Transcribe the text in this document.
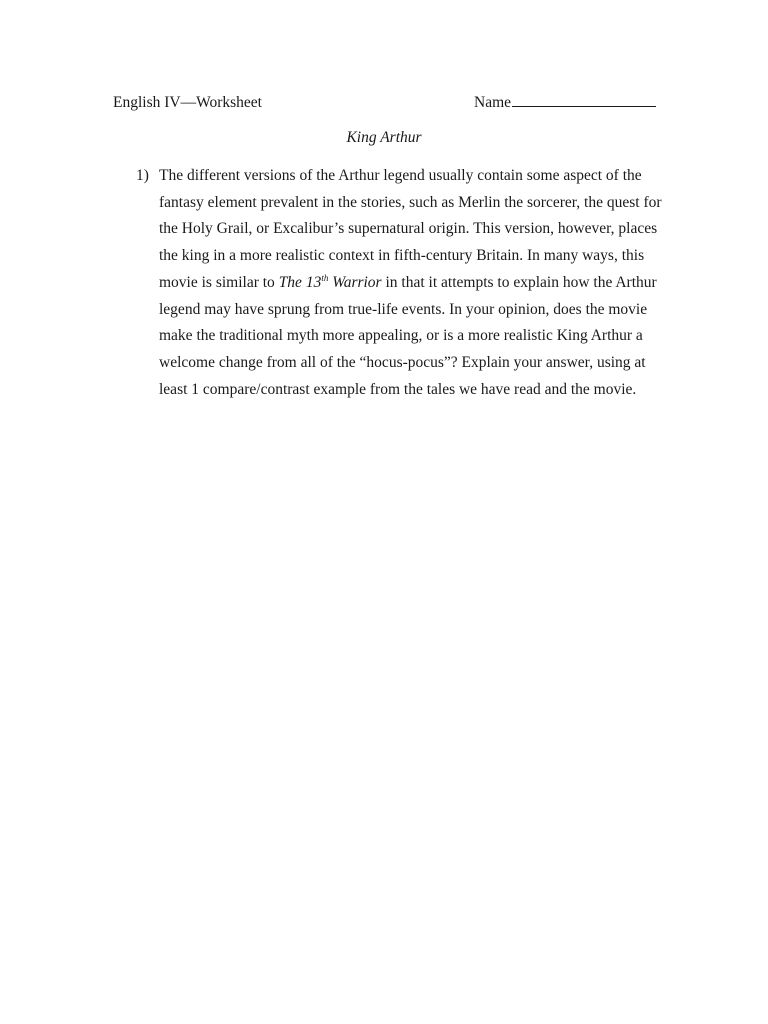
English IV—Worksheet	Name
King Arthur
1) The different versions of the Arthur legend usually contain some aspect of the
fantasy element prevalent in the stories, such as Merlin the sorcerer, the quest for
the Holy Grail, or Excalibur’s supernatural origin. This version, however, places
the king in a more realistic context in fifth-century Britain. In many ways, this
movie is similar to The 13th Warrior in that it attempts to explain how the Arthur
legend may have sprung from true-life events. In your opinion, does the movie
make the traditional myth more appealing, or is a more realistic King Arthur a
welcome change from all of the “hocus-pocus”? Explain your answer, using at
least 1 compare/contrast example from the tales we have read and the movie.
